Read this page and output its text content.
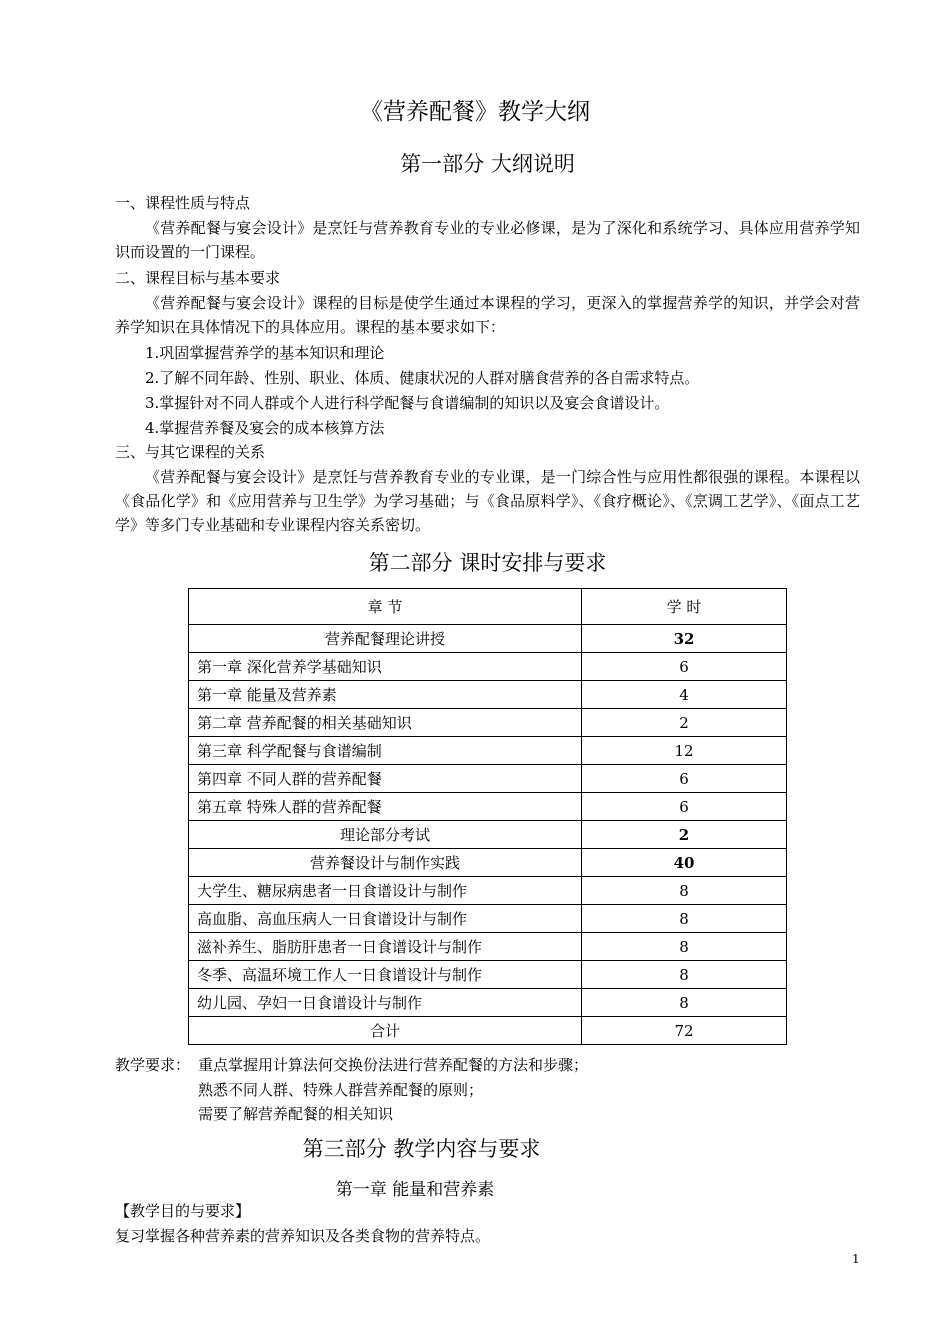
《营养配餐》教学大纲
第一部分 大纲说明
一、课程性质与特点
《营养配餐与宴会设计》是烹饪与营养教育专业的专业必修课，是为了深化和系统学习、具体应用营养学知识而设置的一门课程。
二、课程目标与基本要求
《营养配餐与宴会设计》课程的目标是使学生通过本课程的学习，更深入的掌握营养学的知识，并学会对营养学知识在具体情况下的具体应用。课程的基本要求如下：
1.巩固掌握营养学的基本知识和理论
2.了解不同年龄、性别、职业、体质、健康状况的人群对膳食营养的各自需求特点。
3.掌握针对不同人群或个人进行科学配餐与食谱编制的知识以及宴会食谱设计。
4.掌握营养餐及宴会的成本核算方法
三、与其它课程的关系
《营养配餐与宴会设计》是烹饪与营养教育专业的专业课，是一门综合性与应用性都很强的课程。本课程以《食品化学》和《应用营养与卫生学》为学习基础；与《食品原料学》、《食疗概论》、《烹调工艺学》、《面点工艺学》等多门专业基础和专业课程内容关系密切。
第二部分 课时安排与要求
章 节	学 时
营养配餐理论讲授	32
第一章 深化营养学基础知识	6
第一章 能量及营养素	4
第二章 营养配餐的相关基础知识	2
第三章 科学配餐与食谱编制	12
第四章 不同人群的营养配餐	6
第五章 特殊人群的营养配餐	6
理论部分考试	2
营养餐设计与制作实践	40
大学生、糖尿病患者一日食谱设计与制作	8
高血脂、高血压病人一日食谱设计与制作	8
滋补养生、脂肪肝患者一日食谱设计与制作	8
冬季、高温环境工作人一日食谱设计与制作	8
幼儿园、孕妇一日食谱设计与制作	8
合计	72
教学要求： 重点掌握用计算法何交换份法进行营养配餐的方法和步骤；
熟悉不同人群、特殊人群营养配餐的原则；
需要了解营养配餐的相关知识
第三部分 教学内容与要求
第一章 能量和营养素
【教学目的与要求】
复习掌握各种营养素的营养知识及各类食物的营养特点。
1
